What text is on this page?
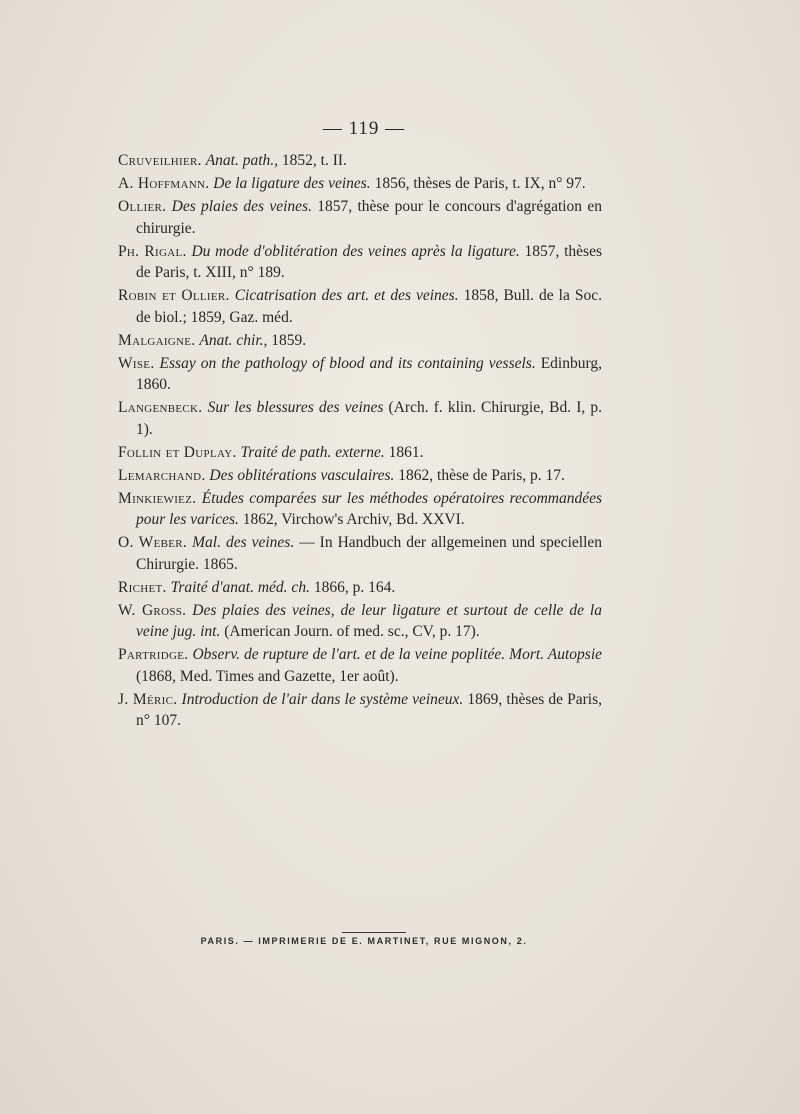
— 119 —
Cruveilhier. Anat. path., 1852, t. II.
A. Hoffmann. De la ligature des veines. 1856, thèses de Paris, t. IX, n° 97.
Ollier. Des plaies des veines. 1857, thèse pour le concours d'agrégation en chirurgie.
Ph. Rigal. Du mode d'oblitération des veines après la ligature. 1857, thèses de Paris, t. XIII, n° 189.
Robin et Ollier. Cicatrisation des art. et des veines. 1858, Bull. de la Soc. de biol.; 1859, Gaz. méd.
Malgaigne. Anat. chir., 1859.
Wise. Essay on the pathology of blood and its containing vessels. Edinburg, 1860.
Langenbeck. Sur les blessures des veines (Arch. f. klin. Chirurgie, Bd. I, p. 1).
Follin et Duplay. Traité de path. externe. 1861.
Lemarchand. Des oblitérations vasculaires. 1862, thèse de Paris, p. 17.
Minkiewiez. Études comparées sur les méthodes opératoires recommandées pour les varices. 1862, Virchow's Archiv, Bd. XXVI.
O. Weber. Mal. des veines. — In Handbuch der allgemeinen und speciellen Chirurgie. 1865.
Richet. Traité d'anat. méd. ch. 1866, p. 164.
W. Gross. Des plaies des veines, de leur ligature et surtout de celle de la veine jug. int. (American Journ. of med. sc., CV, p. 17).
Partridge. Observ. de rupture de l'art. et de la veine poplitée. Mort. Autopsie (1868, Med. Times and Gazette, 1er août).
J. Méric. Introduction de l'air dans le système veineux. 1869, thèses de Paris, n° 107.
PARIS. — IMPRIMERIE DE E. MARTINET, RUE MIGNON, 2.
